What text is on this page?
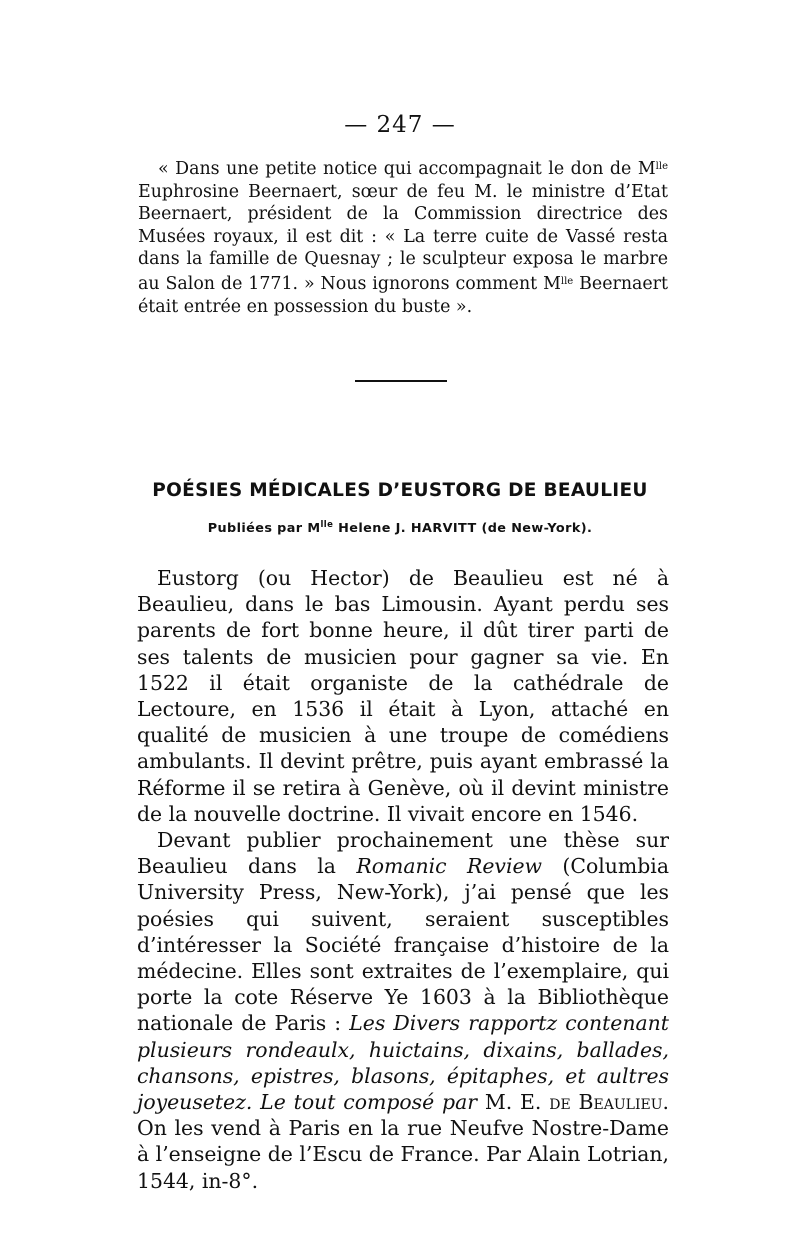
— 247 —

« Dans une petite notice qui accompagnait le don de $M^{lle}$ Euphrosine Beernaert, sœur de feu M. le ministre d’Etat Beernaert, président de la Commission directrice des Musées royaux, il est dit : « La terre cuite de Vassé resta dans la famille de Quesnay ; le sculpteur exposa le marbre au Salon de 1771. » Nous ignorons comment $M^{lle}$ Beernaert était entrée en possession du buste ».

POÉSIES MÉDICALES D’EUSTORG DE BEAULIEU
Publiées par $M^{lle}$ Helene J. HARVITT (de New-York).

Eustorg (ou Hector) de Beaulieu est né à Beaulieu, dans le bas Limousin. Ayant perdu ses parents de fort bonne heure, il dût tirer parti de ses talents de musicien pour gagner sa vie. En 1522 il était organiste de la cathédrale de Lectoure, en 1536 il était à Lyon, attaché en qualité de musicien à une troupe de comédiens ambulants. Il devint prêtre, puis ayant embrassé la Réforme il se retira à Genève, où il devint ministre de la nouvelle doctrine. Il vivait encore en 1546.

Devant publier prochainement une thèse sur Beaulieu dans la Romanic Review (Columbia University Press, New-York), j’ai pensé que les poésies qui suivent, seraient susceptibles d’intéresser la Société française d’histoire de la médecine. Elles sont extraites de l’exemplaire, qui porte la cote Réserve Ye 1603 à la Bibliothèque nationale de Paris : Les Divers rapportz contenant plusieurs rondeaulx, huictains, dixains, ballades, chansons, epistres, blasons, épitaphes, et aultres joyeusetez. Le tout composé par M. E. de Beaulieu. On les vend à Paris en la rue Neufve Nostre-Dame à l’enseigne de l’Escu de France. Par Alain Lotrian, 1544, in-8°.
